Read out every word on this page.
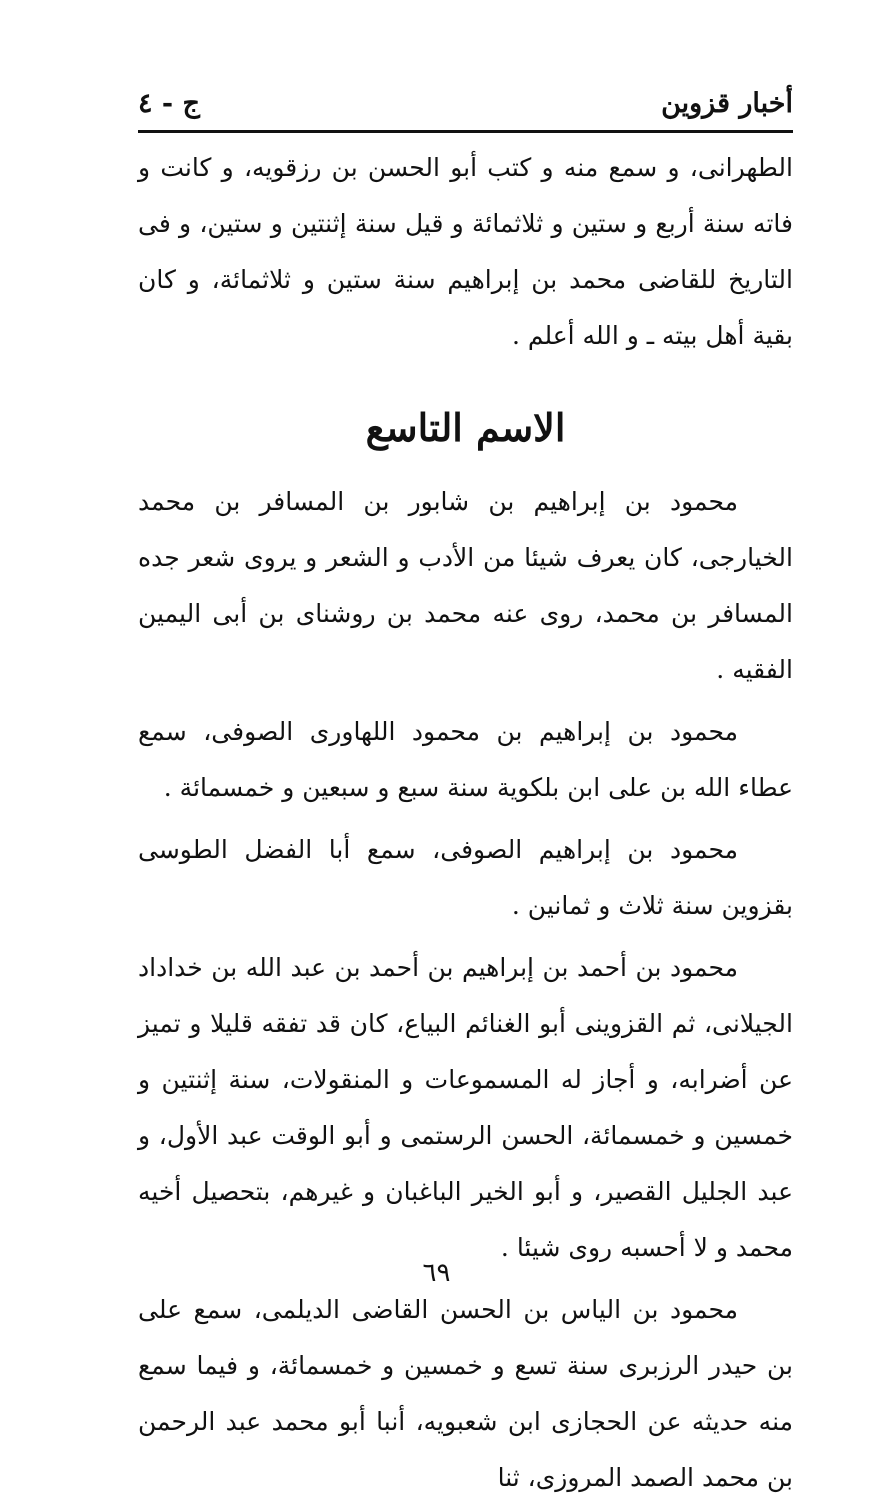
أخبار قزوين
ج - ٤

الطهرانى، و سمع منه و كتب أبو الحسن بن رزقويه، و كانت و فاته سنة أربع و ستين و ثلاثمائة و قيل سنة إثنتين و ستين، و فى التاريخ للقاضى محمد بن إبراهيم سنة ستين و ثلاثمائة، و كان بقية أهل بيته ـ و الله أعلم .

الاسم التاسع

محمود بن إبراهيم بن شابور بن المسافر بن محمد الخيارجى، كان يعرف شيئا من الأدب و الشعر و يروى شعر جده المسافر بن محمد، روى عنه محمد بن روشناى بن أبى اليمين الفقيه .

محمود بن إبراهيم بن محمود اللهاورى الصوفى، سمع عطاء الله بن على ابن بلكوية سنة سبع و سبعين و خمسمائة .

محمود بن إبراهيم الصوفى، سمع أبا الفضل الطوسى بقزوين سنة ثلاث و ثمانين .

محمود بن أحمد بن إبراهيم بن أحمد بن عبد الله بن خداداد الجيلانى، ثم القزوينى أبو الغنائم البياع، كان قد تفقه قليلا و تميز عن أضرابه، و أجاز له المسموعات و المنقولات، سنة إثنتين و خمسين و خمسمائة، الحسن الرستمى و أبو الوقت عبد الأول، و عبد الجليل القصير، و أبو الخير الباغبان و غيرهم، بتحصيل أخيه محمد و لا أحسبه روى شيئا .

محمود بن الياس بن الحسن القاضى الديلمى، سمع على بن حيدر الرزبرى سنة تسع و خمسين و خمسمائة، و فيما سمع منه حديثه عن الحجازى ابن شعبويه، أنبا أبو محمد عبد الرحمن بن محمد الصمد المروزى، ثنا

٦٩
